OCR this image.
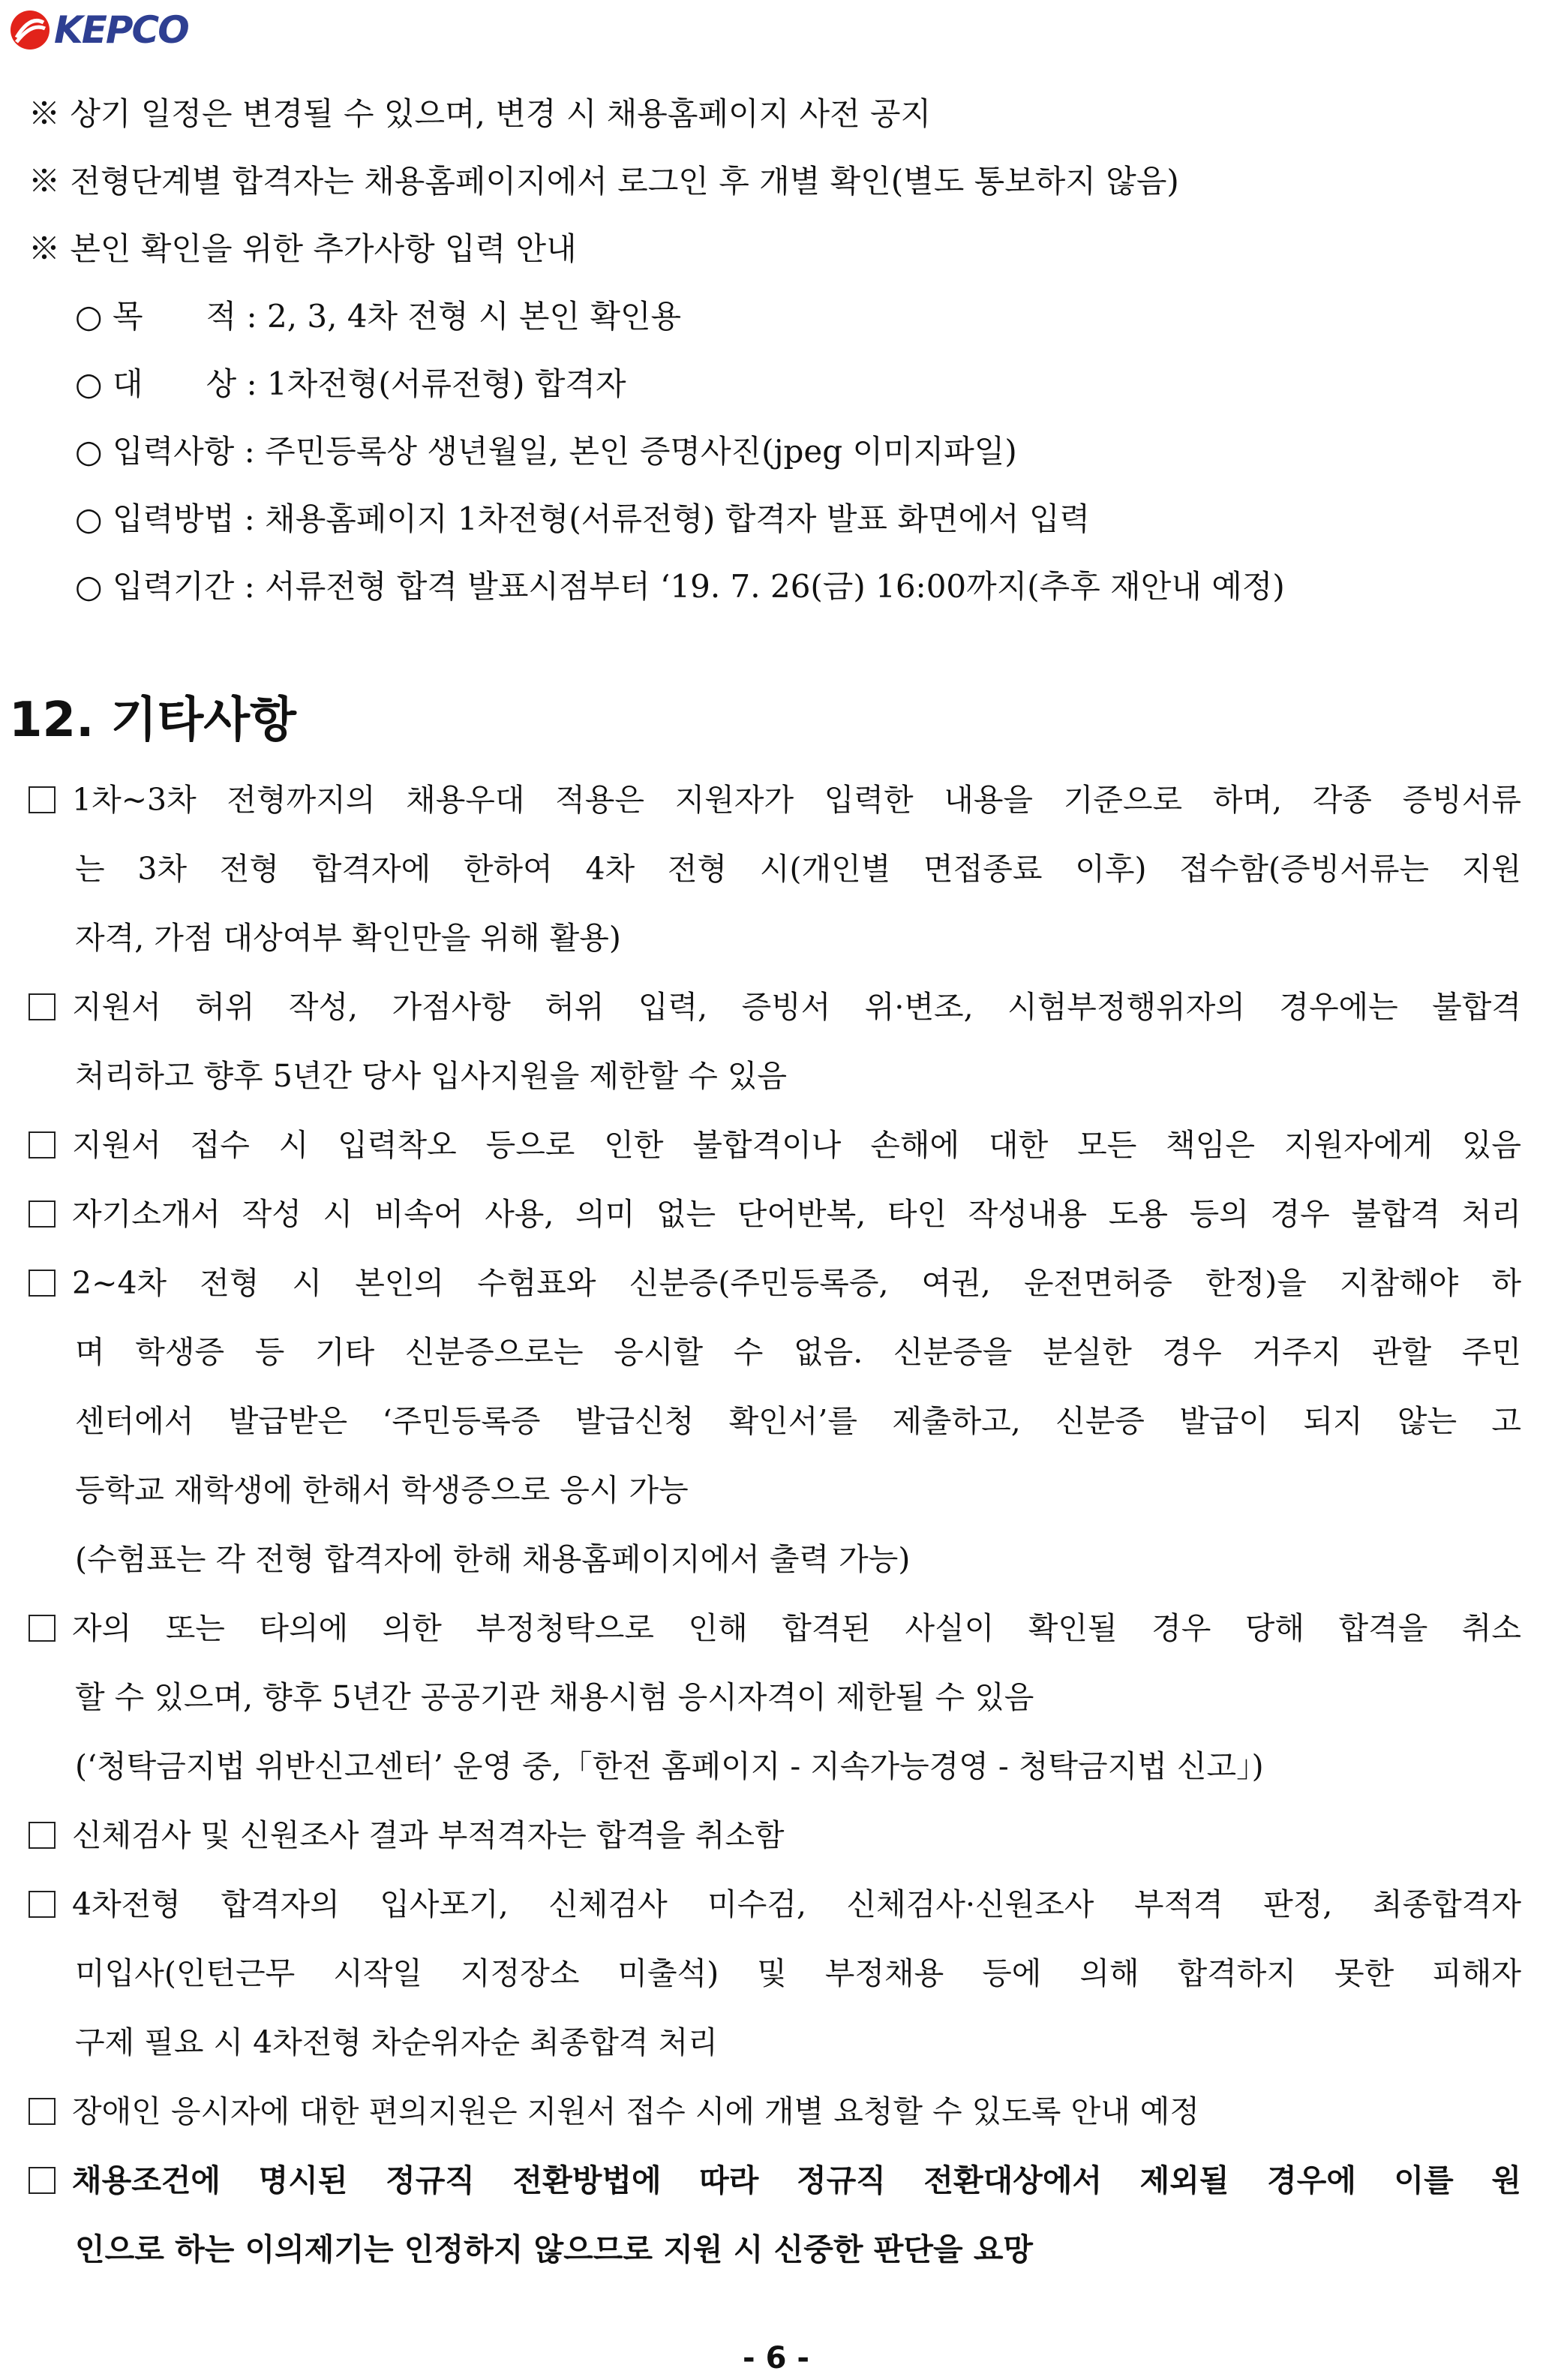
KEPCO
※ 상기 일정은 변경될 수 있으며, 변경 시 채용홈페이지 사전 공지
※ 전형단계별 합격자는 채용홈페이지에서 로그인 후 개별 확인(별도 통보하지 않음)
※ 본인 확인을 위한 추가사항 입력 안내
○ 목　　적 : 2, 3, 4차 전형 시 본인 확인용
○ 대　　상 : 1차전형(서류전형) 합격자
○ 입력사항 : 주민등록상 생년월일, 본인 증명사진(jpeg 이미지파일)
○ 입력방법 : 채용홈페이지 1차전형(서류전형) 합격자 발표 화면에서 입력
○ 입력기간 : 서류전형 합격 발표시점부터 ‘19. 7. 26(금) 16:00까지(추후 재안내 예정)
12. 기타사항
1차~3차 전형까지의 채용우대 적용은 지원자가 입력한 내용을 기준으로 하며, 각종 증빙서류
는 3차 전형 합격자에 한하여 4차 전형 시(개인별 면접종료 이후) 접수함(증빙서류는 지원
자격, 가점 대상여부 확인만을 위해 활용)
지원서 허위 작성, 가점사항 허위 입력, 증빙서 위·변조, 시험부정행위자의 경우에는 불합격
처리하고 향후 5년간 당사 입사지원을 제한할 수 있음
지원서 접수 시 입력착오 등으로 인한 불합격이나 손해에 대한 모든 책임은 지원자에게 있음
자기소개서 작성 시 비속어 사용, 의미 없는 단어반복, 타인 작성내용 도용 등의 경우 불합격 처리
2∼4차 전형 시 본인의 수험표와 신분증(주민등록증, 여권, 운전면허증 한정)을 지참해야 하
며 학생증 등 기타 신분증으로는 응시할 수 없음. 신분증을 분실한 경우 거주지 관할 주민
센터에서 발급받은 ‘주민등록증 발급신청 확인서’를 제출하고, 신분증 발급이 되지 않는 고
등학교 재학생에 한해서 학생증으로 응시 가능
(수험표는 각 전형 합격자에 한해 채용홈페이지에서 출력 가능)
자의 또는 타의에 의한 부정청탁으로 인해 합격된 사실이 확인될 경우 당해 합격을 취소
할 수 있으며, 향후 5년간 공공기관 채용시험 응시자격이 제한될 수 있음
(‘청탁금지법 위반신고센터’ 운영 중,「한전 홈페이지 - 지속가능경영 - 청탁금지법 신고」)
신체검사 및 신원조사 결과 부적격자는 합격을 취소함
4차전형 합격자의 입사포기, 신체검사 미수검, 신체검사·신원조사 부적격 판정, 최종합격자
미입사(인턴근무 시작일 지정장소 미출석) 및 부정채용 등에 의해 합격하지 못한 피해자
구제 필요 시 4차전형 차순위자순 최종합격 처리
장애인 응시자에 대한 편의지원은 지원서 접수 시에 개별 요청할 수 있도록 안내 예정
채용조건에 명시된 정규직 전환방법에 따라 정규직 전환대상에서 제외될 경우에 이를 원
인으로 하는 이의제기는 인정하지 않으므로 지원 시 신중한 판단을 요망
- 6 -
